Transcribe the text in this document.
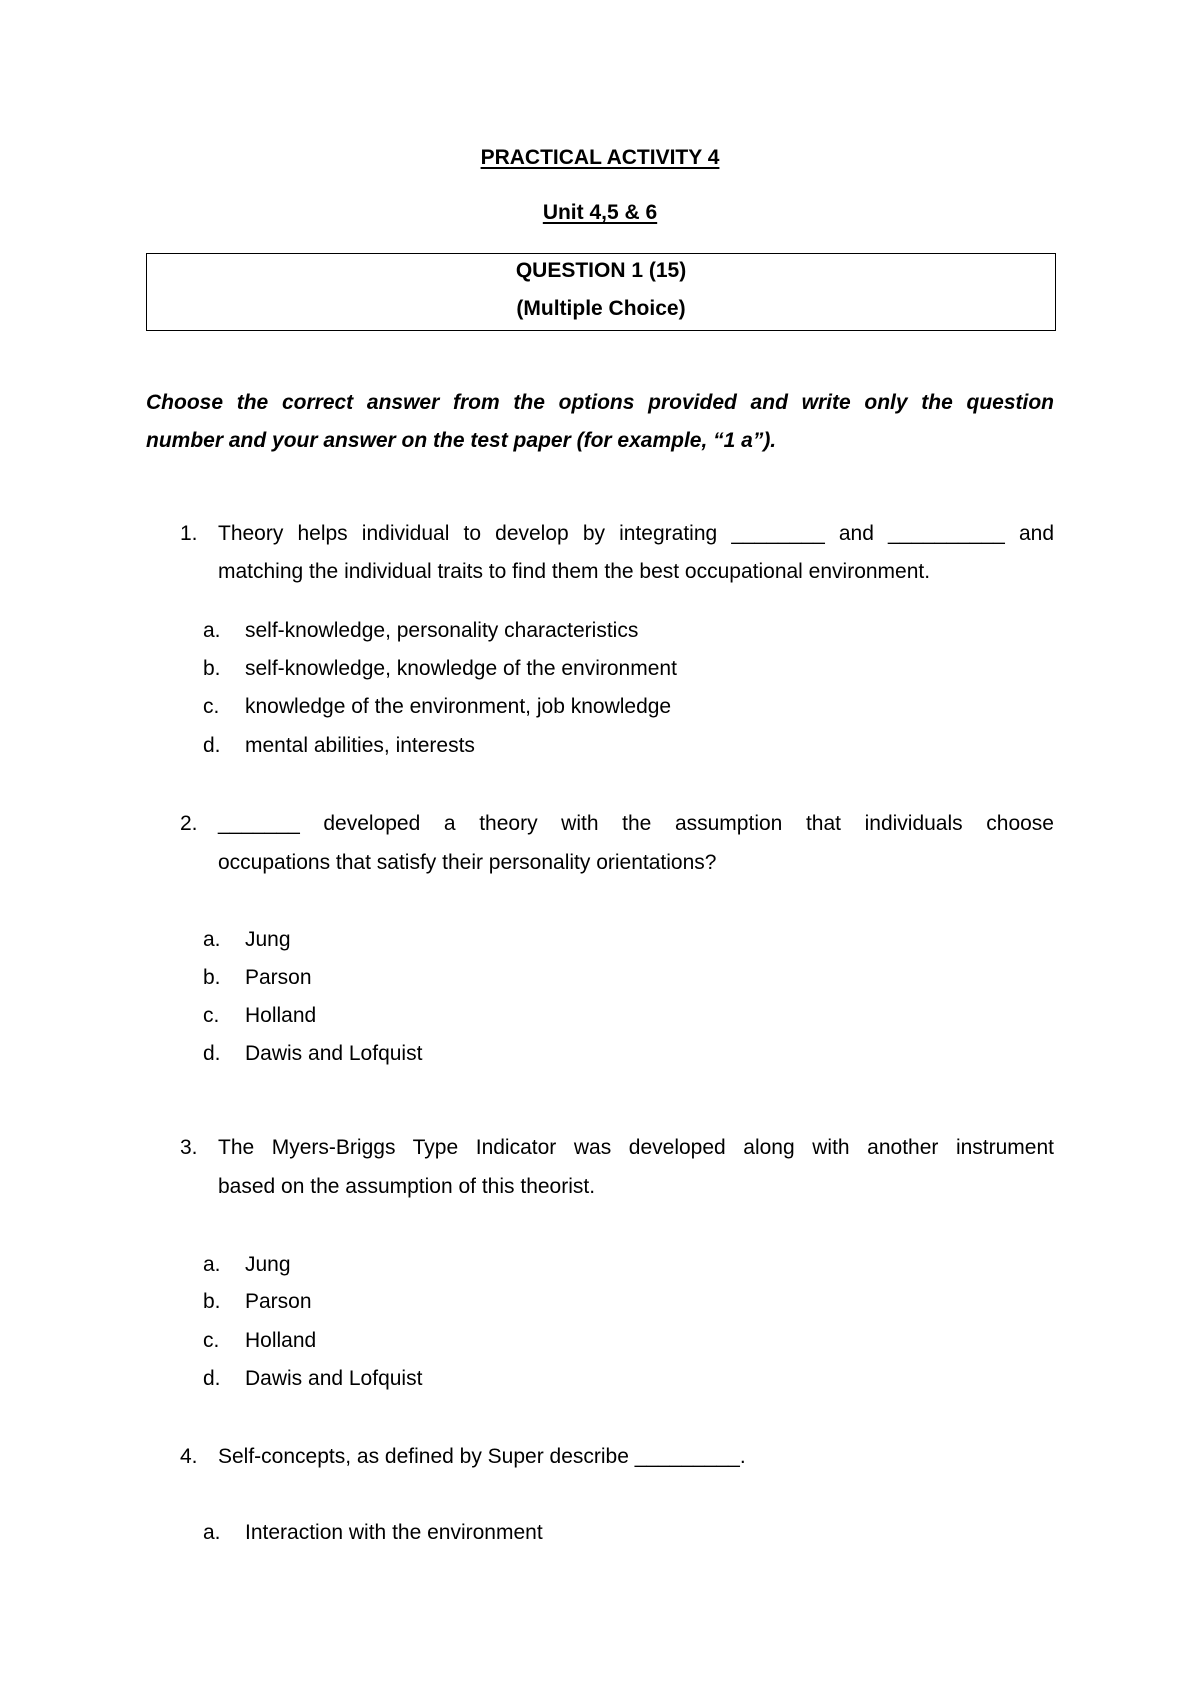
PRACTICAL ACTIVITY 4
Unit 4,5 & 6
QUESTION 1 (15)
(Multiple Choice)
Choose the correct answer from the options provided and write only the question
number and your answer on the test paper (for example, “1 a”).
1. Theory helps individual to develop by integrating ________ and __________ and
matching the individual traits to find them the best occupational environment.
a. self-knowledge, personality characteristics
b. self-knowledge, knowledge of the environment
c. knowledge of the environment, job knowledge
d. mental abilities, interests
2. _______ developed a theory with the assumption that individuals choose
occupations that satisfy their personality orientations?
a. Jung
b. Parson
c. Holland
d. Dawis and Lofquist
3. The Myers-Briggs Type Indicator was developed along with another instrument
based on the assumption of this theorist.
a. Jung
b. Parson
c. Holland
d. Dawis and Lofquist
4. Self-concepts, as defined by Super describe _________.
a. Interaction with the environment
